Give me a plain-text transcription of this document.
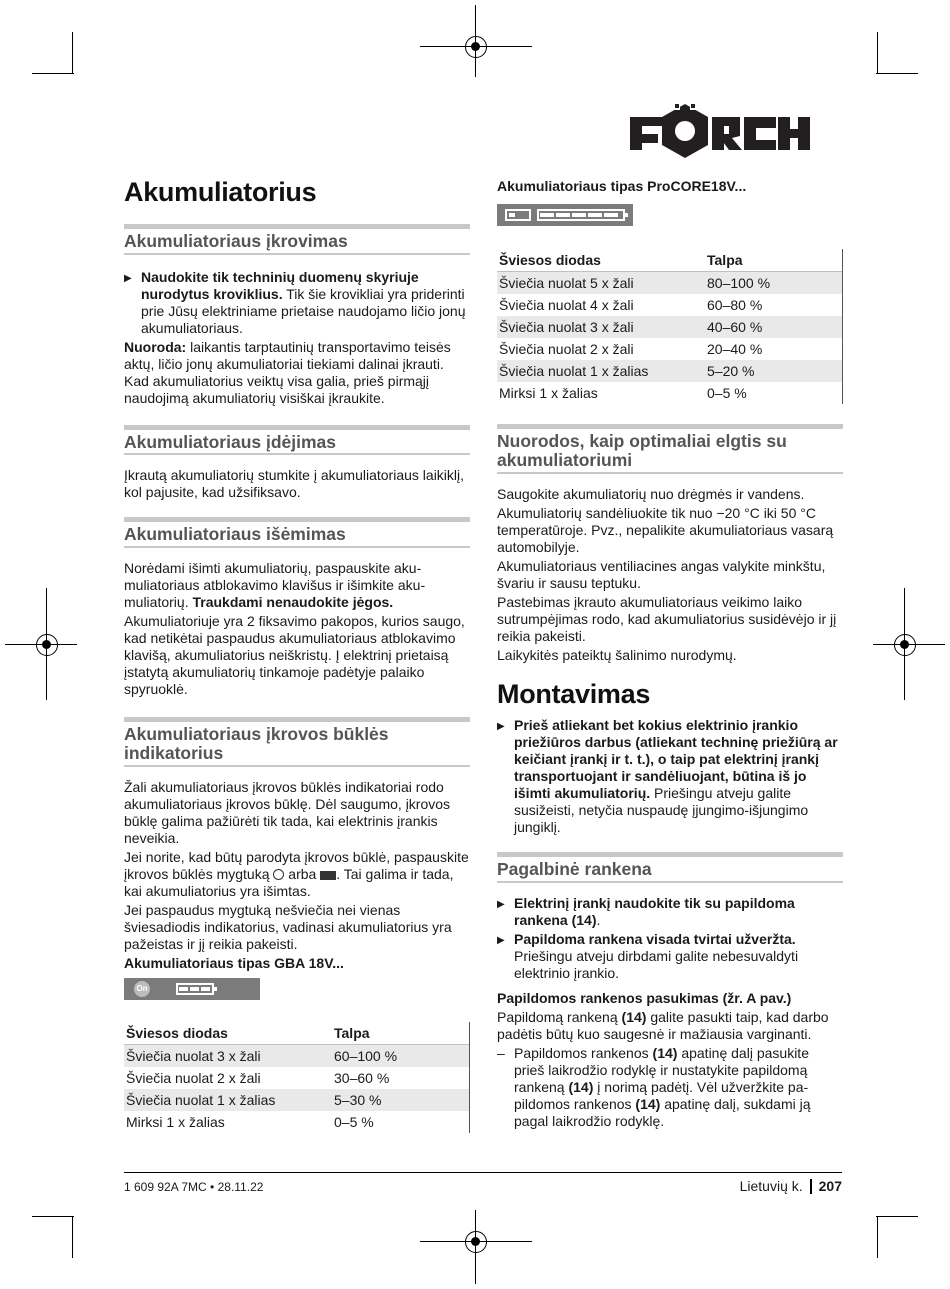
Akumuliatorius
Akumuliatoriaus įkrovimas
▶ Naudokite tik techninių duomenų skyriuje nurodytus kroviklius. Tik šie krovikliai yra priderinti prie Jūsų elektriniame prietaise naudojamo ličio jonų akumuliatoriaus.

Nuoroda: laikantis tarptautinių transportavimo teisės aktų, ličio jonų akumuliatoriai tiekiami dalinai įkrauti. Kad akumuliatorius veiktų visa galia, prieš pirmąjį naudojimą akumuliatorių visiškai įkraukite.

Akumuliatoriaus įdėjimas

Įkrautą akumuliatorių stumkite į akumuliatoriaus laikiklį, kol pajusite, kad užsifiksavo.

Akumuliatoriaus išėmimas

Norėdami išimti akumuliatorių, paspauskite akumuliatoriaus atblokavimo klavišus ir išimkite akumuliatorių. Traukdami nenaudokite jėgos.

Akumuliatoriuje yra 2 fiksavimo pakopos, kurios saugo, kad netikėtai paspaudus akumuliatoriaus atblokavimo klavišą, akumuliatorius neiškristų. Į elektrinį prietaisą įstatytą akumuliatorių tinkamoje padėtyje palaiko spyruoklė.

Akumuliatoriaus įkrovos būklės indikatorius

Žali akumuliatoriaus įkrovos būklės indikatoriai rodo akumuliatoriaus įkrovos būklę. Dėl saugumo, įkrovos būklę galima pažiūrėti tik tada, kai elektrinis įrankis neveikia.

Jei norite, kad būtų parodyta įkrovos būklė, paspauskite įkrovos būklės mygtuką  arba . Tai galima ir tada, kai akumuliatorius yra išimtas.

Jei paspaudus mygtuką nešviečia nei vienas šviesadiodis indikatorius, vadinasi akumuliatorius yra pažeistas ir jį reikia pakeisti.

Akumuliatoriaus tipas GBA 18V...

On
Šviesos diodas	Talpa
Šviečia nuolat 3 x žali	60–100 %
Šviečia nuolat 2 x žali	30–60 %
Šviečia nuolat 1 x žalias	5–30 %
Mirksi 1 x žalias	0–5 %

Akumuliatoriaus tipas ProCORE18V...

Šviesos diodas	Talpa
Šviečia nuolat 5 x žali	80–100 %
Šviečia nuolat 4 x žali	60–80 %
Šviečia nuolat 3 x žali	40–60 %
Šviečia nuolat 2 x žali	20–40 %
Šviečia nuolat 1 x žalias	5–20 %
Mirksi 1 x žalias	0–5 %
Nuorodos, kaip optimaliai elgtis su akumuliatoriumi

Saugokite akumuliatorių nuo drėgmės ir vandens.

Akumuliatorių sandėliuokite tik nuo −20 °C iki 50 °C temperatūroje. Pvz., nepalikite akumuliatoriaus vasarą automobilyje.

Akumuliatoriaus ventiliacines angas valykite minkštu, švariu ir sausu teptuku.

Pastebimas įkrauto akumuliatoriaus veikimo laiko sutrumpėjimas rodo, kad akumuliatorius susidėvėjo ir jį reikia pakeisti.

Laikykitės pateiktų šalinimo nurodymų.

Montavimas
▶ Prieš atliekant bet kokius elektrinio įrankio priežiūros darbus (atliekant techninę priežiūrą ar keičiant įrankį ir t. t.), o taip pat elektrinį įrankį transportuojant ir sandėliuojant, būtina iš jo išimti akumuliatorių. Priešingu atveju galite susižeisti, netyčia nuspaudę įjungimo-išjungimo jungiklį.
Pagalbinė rankena
▶ Elektrinį įrankį naudokite tik su papildoma rankena (14).
▶ Papildoma rankena visada tvirtai užveržta. Priešingu atveju dirbdami galite nebesuvaldyti elektrinio įrankio.

Papildomos rankenos pasukimas (žr. A pav.)

Papildomą rankeną (14) galite pasukti taip, kad darbo padėtis būtų kuo saugesnė ir mažiausia varginanti.

– Papildomos rankenos (14) apatinę dalį pasukite prieš laikrodžio rodyklę ir nustatykite papildomą rankeną (14) į norimą padėtį. Vėl užveržkite papildomos rankenos (14) apatinę dalį, sukdami ją pagal laikrodžio rodyklę.
1 609 92A 7MC • 28.11.22	Lietuvių k. 207
